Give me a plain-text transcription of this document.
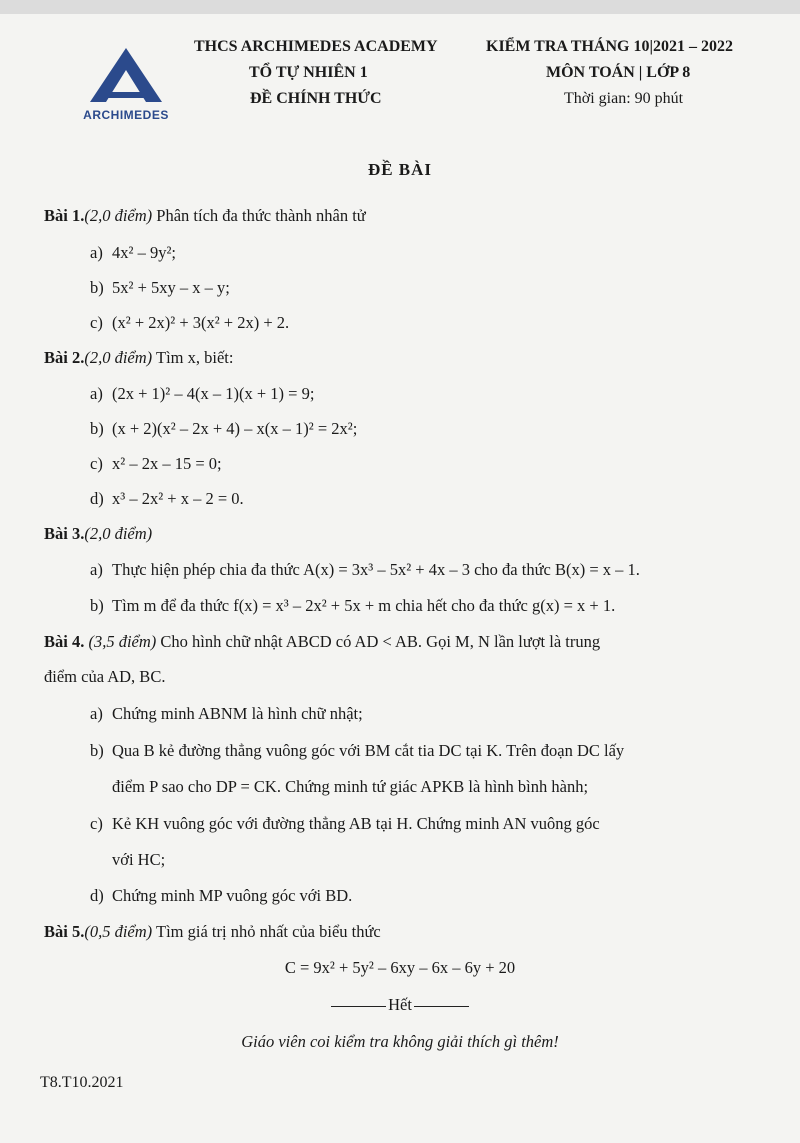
ARCHIMEDES
THCS ARCHIMEDES ACADEMY
TỔ TỰ NHIÊN 1
ĐỀ CHÍNH THỨC
KIỂM TRA THÁNG 10|2021 – 2022
MÔN TOÁN | LỚP 8
Thời gian: 90 phút
ĐỀ BÀI
Bài 1.(2,0 điểm) Phân tích đa thức thành nhân tử
a) 4x² – 9y²;
b) 5x² + 5xy – x – y;
c) (x² + 2x)² + 3(x² + 2x) + 2.
Bài 2.(2,0 điểm) Tìm x, biết:
a) (2x + 1)² – 4(x – 1)(x + 1) = 9;
b) (x + 2)(x² – 2x + 4) – x(x – 1)² = 2x²;
c) x² – 2x – 15 = 0;
d) x³ – 2x² + x – 2 = 0.
Bài 3.(2,0 điểm)
a) Thực hiện phép chia đa thức A(x) = 3x³ – 5x² + 4x – 3 cho đa thức B(x) = x – 1.
b) Tìm m để đa thức f(x) = x³ – 2x² + 5x + m chia hết cho đa thức g(x) = x + 1.
Bài 4. (3,5 điểm) Cho hình chữ nhật ABCD có AD < AB. Gọi M, N lần lượt là trung
điểm của AD, BC.
a) Chứng minh ABNM là hình chữ nhật;
b) Qua B kẻ đường thẳng vuông góc với BM cắt tia DC tại K. Trên đoạn DC lấy
điểm P sao cho DP = CK. Chứng minh tứ giác APKB là hình bình hành;
c) Kẻ KH vuông góc với đường thẳng AB tại H. Chứng minh AN vuông góc
với HC;
d) Chứng minh MP vuông góc với BD.
Bài 5.(0,5 điểm) Tìm giá trị nhỏ nhất của biểu thức
C = 9x² + 5y² – 6xy – 6x – 6y + 20
Hết
Giáo viên coi kiểm tra không giải thích gì thêm!
T8.T10.2021
